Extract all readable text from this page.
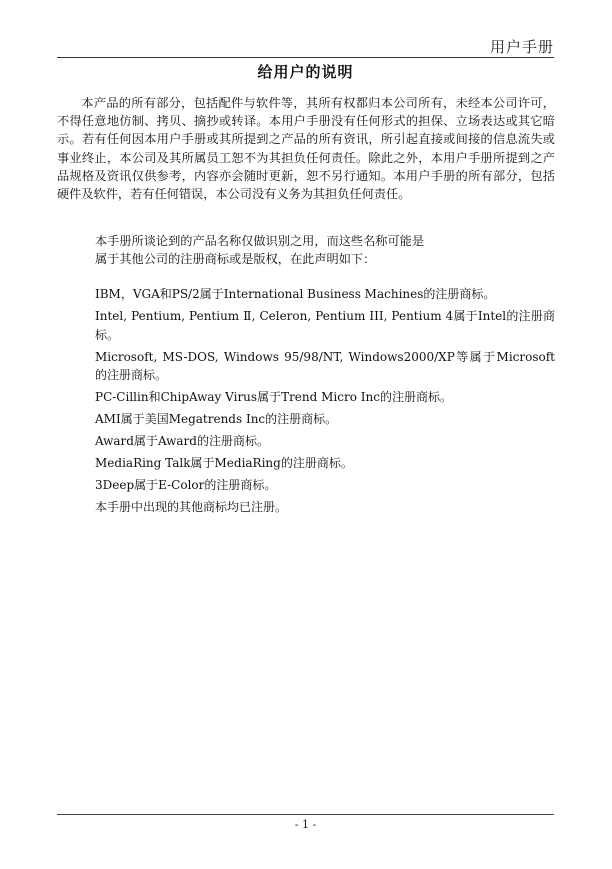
用户手册
给用户的说明

本产品的所有部分，包括配件与软件等，其所有权都归本公司所有，未经本公司许可，不得任意地仿制、拷贝、摘抄或转译。本用户手册没有任何形式的担保、立场表达或其它暗示。若有任何因本用户手册或其所提到之产品的所有资讯，所引起直接或间接的信息流失或事业终止，本公司及其所属员工恕不为其担负任何责任。除此之外，本用户手册所提到之产品规格及资讯仅供参考，内容亦会随时更新，恕不另行通知。本用户手册的所有部分，包括硬件及软件，若有任何错误，本公司没有义务为其担负任何责任。

本手册所谈论到的产品名称仅做识别之用，而这些名称可能是
属于其他公司的注册商标或是版权，在此声明如下：
IBM，VGA和PS/2属于International Business Machines的注册商标。
Intel, Pentium, Pentium Ⅱ, Celeron, Pentium III, Pentium 4属于Intel的注册商标。
Microsoft, MS-DOS, Windows 95/98/NT, Windows2000/XP等属于Microsoft的注册商标。
PC-Cillin和ChipAway Virus属于Trend Micro Inc的注册商标。
AMI属于美国Megatrends Inc的注册商标。
Award属于Award的注册商标。
MediaRing Talk属于MediaRing的注册商标。
3Deep属于E-Color的注册商标。
本手册中出现的其他商标均已注册。
- 1 -
